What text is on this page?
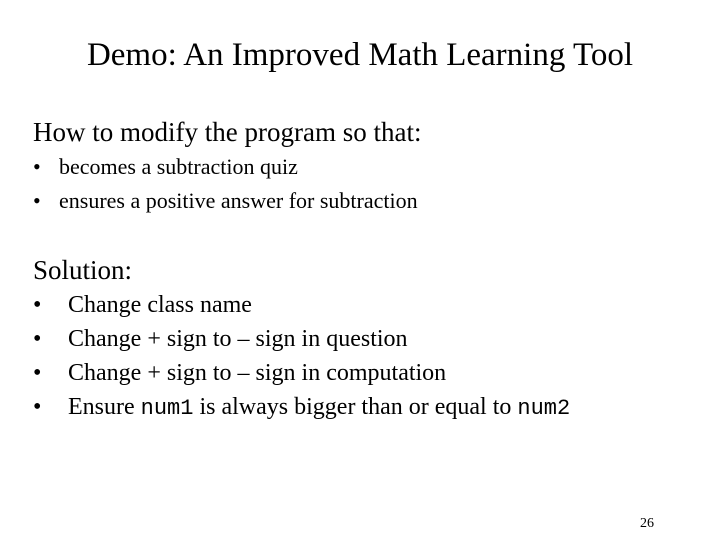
Demo: An Improved Math Learning Tool
How to modify the program so that:
• becomes a subtraction quiz
• ensures a positive answer for subtraction
Solution:
• Change class name
• Change + sign to – sign in question
• Change + sign to – sign in computation
• Ensure num1 is always bigger than or equal to num2
26
